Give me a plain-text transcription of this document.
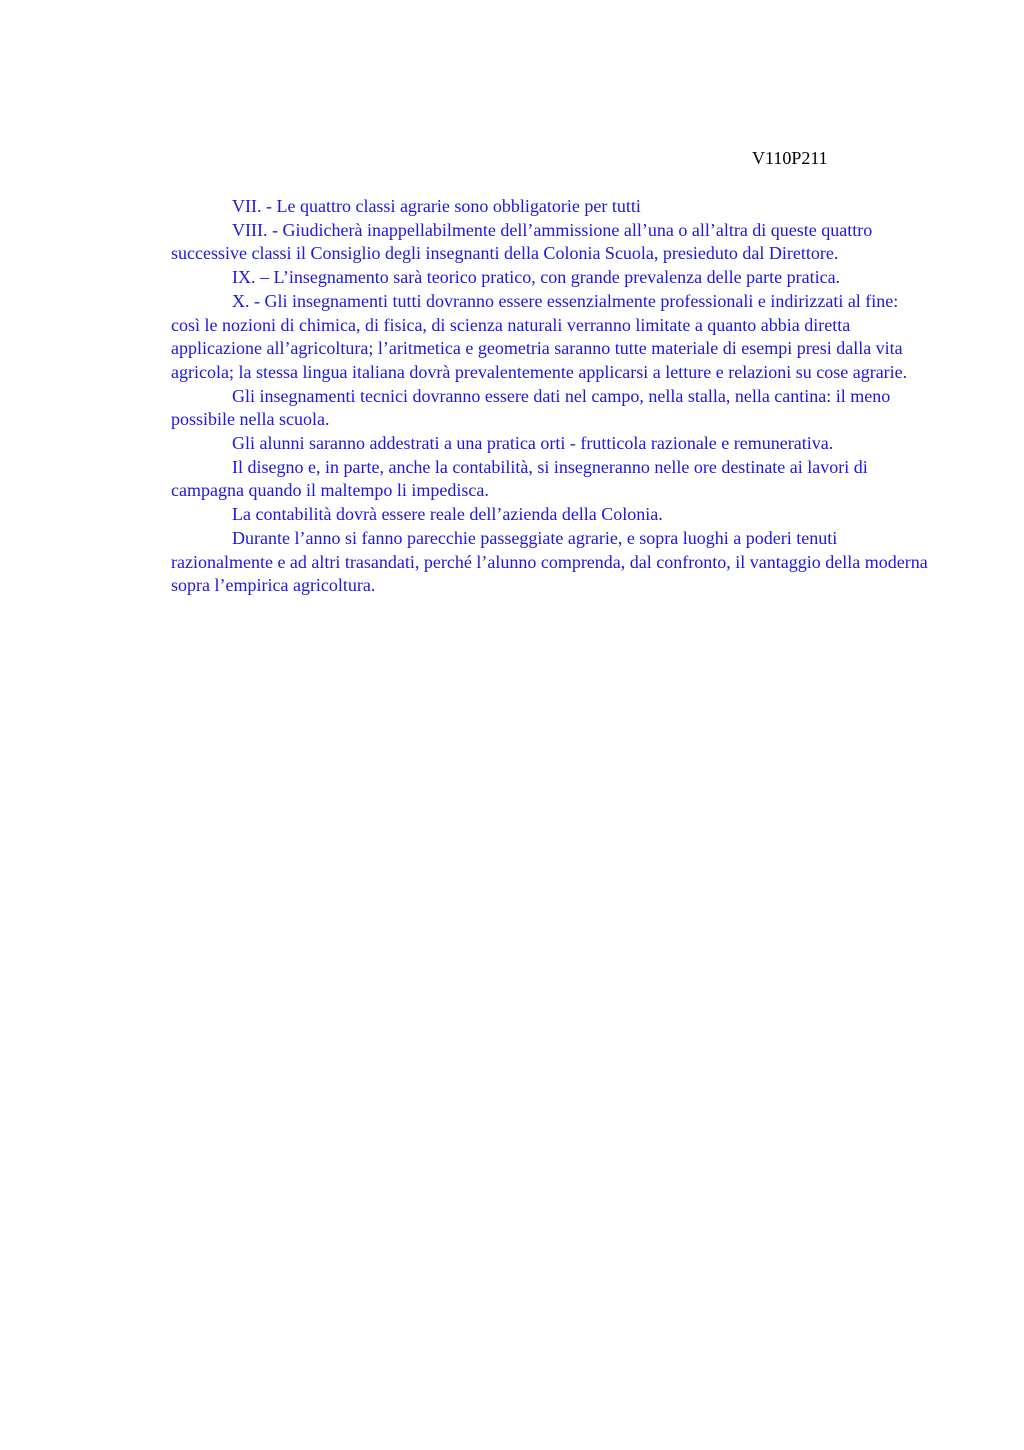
V110P211

VII. - Le quattro classi agrarie sono obbligatorie per tutti

VIII. - Giudicherà inappellabilmente dell’ammissione all’una o all’altra di queste quattro successive classi il Consiglio degli insegnanti della Colonia Scuola, presieduto dal Direttore.

IX. – L’insegnamento sarà teorico pratico, con grande prevalenza delle parte pratica.

X. - Gli insegnamenti tutti dovranno essere essenzialmente professionali e indirizzati al fine: così le nozioni di chimica, di fisica, di scienza naturali verranno limitate a quanto abbia diretta applicazione all’agricoltura; l’aritmetica e geometria saranno tutte materiale di esempi presi dalla vita agricola; la stessa lingua italiana dovrà prevalentemente applicarsi a letture e relazioni su cose agrarie.

Gli insegnamenti tecnici dovranno essere dati nel campo, nella stalla, nella cantina: il meno possibile nella scuola.

Gli alunni saranno addestrati a una pratica orti - frutticola razionale e remunerativa.

Il disegno e, in parte, anche la contabilità, si insegneranno nelle ore destinate ai lavori di campagna quando il maltempo li impedisca.

La contabilità dovrà essere reale dell’azienda della Colonia.

Durante l’anno si fanno parecchie passeggiate agrarie, e sopra luoghi a poderi tenuti razionalmente e ad altri trasandati, perché l’alunno comprenda, dal confronto, il vantaggio della moderna sopra l’empirica agricoltura.
